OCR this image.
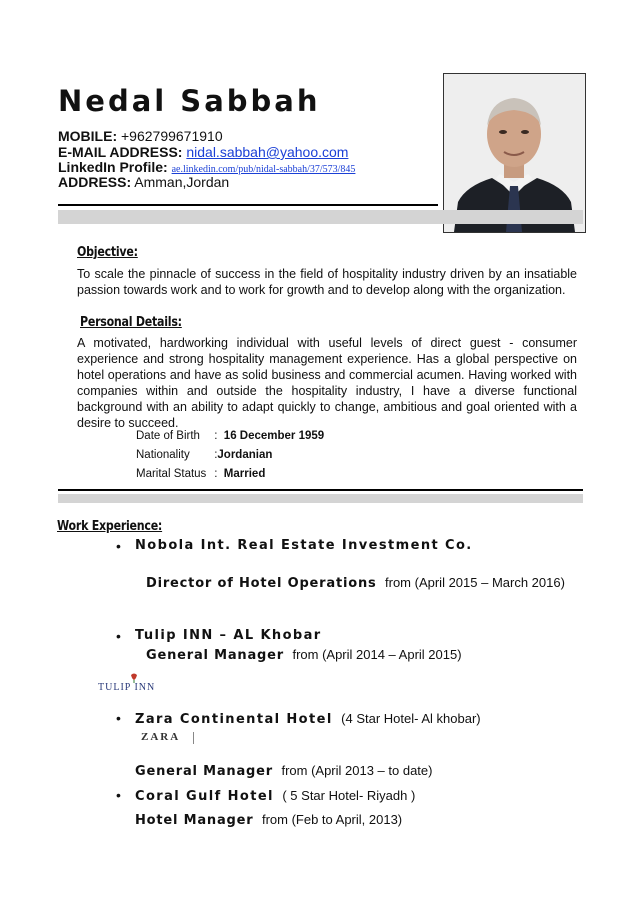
Nedal Sabbah
MOBILE: +962799671910
E-MAIL ADDRESS: nidal.sabbah@yahoo.com
LinkedIn Profile: ae.linkedin.com/pub/nidal-sabbah/37/573/845
ADDRESS: Amman,Jordan
Objective:
To scale the pinnacle of success in the field of hospitality industry driven by an insatiable passion towards work and to work for growth and to develop along with the organization.
Personal Details:
A motivated, hardworking individual with useful levels of direct guest - consumer experience and strong hospitality management experience. Has a global perspective on hotel operations and have as solid business and commercial acumen. Having worked with companies within and outside the hospitality industry, I have a diverse functional background with an ability to adapt quickly to change, ambitious and goal oriented with a desire to succeed.
Date of Birth : 16 December 1959
Nationality :Jordanian
Marital Status : Married
Work Experience:
• Nobola Int. Real Estate Investment Co.
Director of Hotel Operations from (April 2015 – March 2016)
• Tulip INN – AL Khobar
General Manager from (April 2014 – April 2015)
TULIP INN
• Zara Continental Hotel (4 Star Hotel- Al khobar)
ZARA
General Manager from (April 2013 – to date)
• Coral Gulf Hotel ( 5 Star Hotel- Riyadh )
Hotel Manager from (Feb to April, 2013)
